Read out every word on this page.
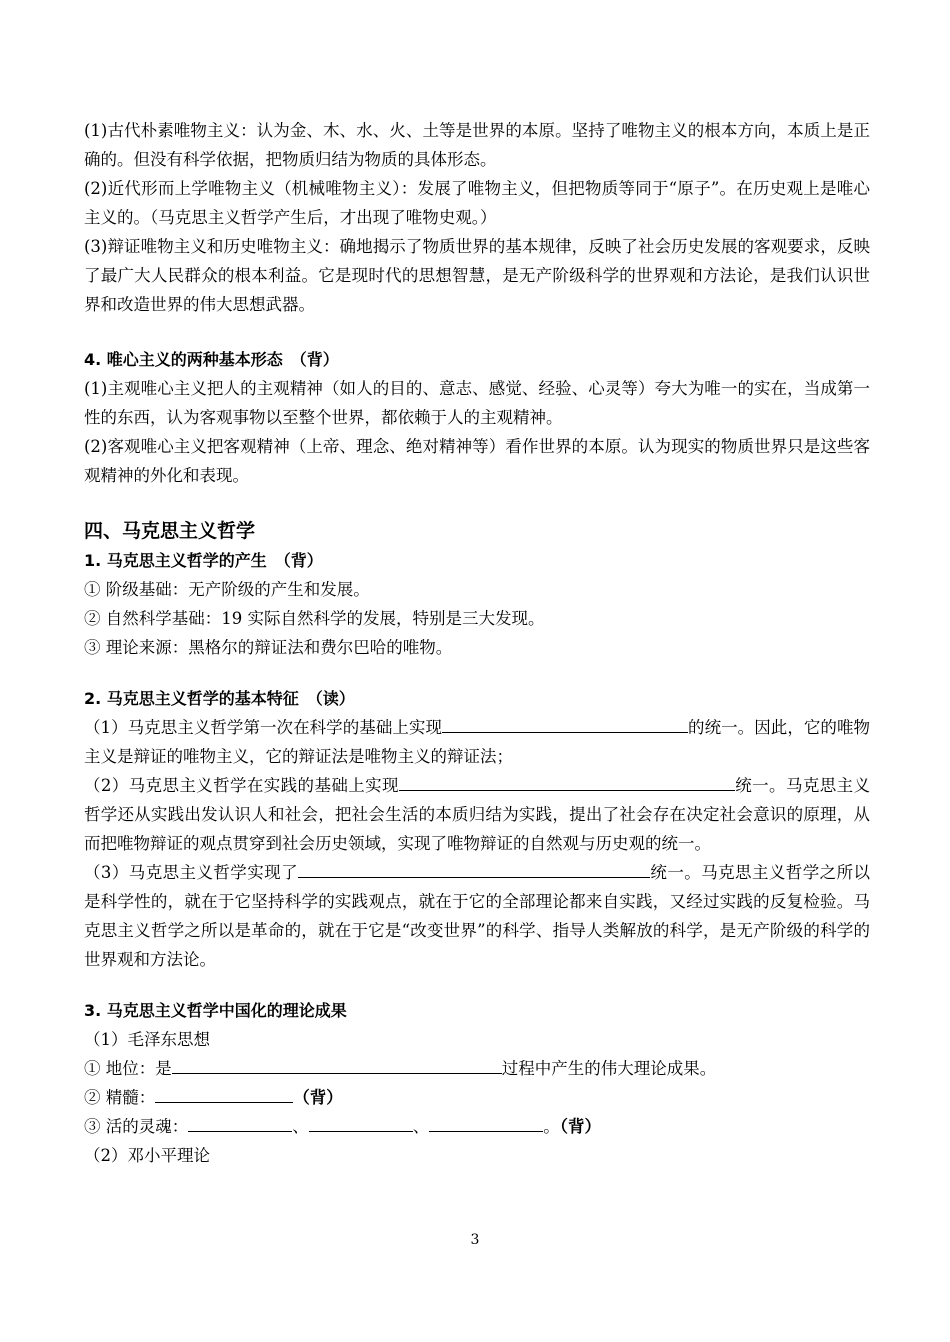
(1)古代朴素唯物主义：认为金、木、水、火、土等是世界的本原。坚持了唯物主义的根本方向，本质上是正确的。但没有科学依据，把物质归结为物质的具体形态。

(2)近代形而上学唯物主义（机械唯物主义）：发展了唯物主义，但把物质等同于“原子”。在历史观上是唯心主义的。（马克思主义哲学产生后，才出现了唯物史观。）

(3)辩证唯物主义和历史唯物主义：确地揭示了物质世界的基本规律，反映了社会历史发展的客观要求，反映了最广大人民群众的根本利益。它是现时代的思想智慧，是无产阶级科学的世界观和方法论，是我们认识世界和改造世界的伟大思想武器。

4. 唯心主义的两种基本形态　（背）

(1)主观唯心主义把人的主观精神（如人的目的、意志、感觉、经验、心灵等）夸大为唯一的实在，当成第一性的东西，认为客观事物以至整个世界，都依赖于人的主观精神。

(2)客观唯心主义把客观精神（上帝、理念、绝对精神等）看作世界的本原。认为现实的物质世界只是这些客观精神的外化和表现。

四、马克思主义哲学

1. 马克思主义哲学的产生　（背）

① 阶级基础：无产阶级的产生和发展。

② 自然科学基础：19 实际自然科学的发展，特别是三大发现。

③ 理论来源：黑格尔的辩证法和费尔巴哈的唯物。

2. 马克思主义哲学的基本特征　（读）

（1）马克思主义哲学第一次在科学的基础上实现	的统一。因此，它的唯物主义是辩证的唯物主义，它的辩证法是唯物主义的辩证法；

（2）马克思主义哲学在实践的基础上实现	统一。马克思主义哲学还从实践出发认识人和社会，把社会生活的本质归结为实践，提出了社会存在决定社会意识的原理，从而把唯物辩证的观点贯穿到社会历史领域，实现了唯物辩证的自然观与历史观的统一。

（3）马克思主义哲学实现了	统一。马克思主义哲学之所以是科学性的，就在于它坚持科学的实践观点，就在于它的全部理论都来自实践，又经过实践的反复检验。马克思主义哲学之所以是革命的，就在于它是“改变世界”的科学、指导人类解放的科学，是无产阶级的科学的世界观和方法论。

3. 马克思主义哲学中国化的理论成果

（1）毛泽东思想

① 地位：是	过程中产生的伟大理论成果。

② 精髓：	（背）

③ 活的灵魂：	、	、	。（背）

（2）邓小平理论

3
